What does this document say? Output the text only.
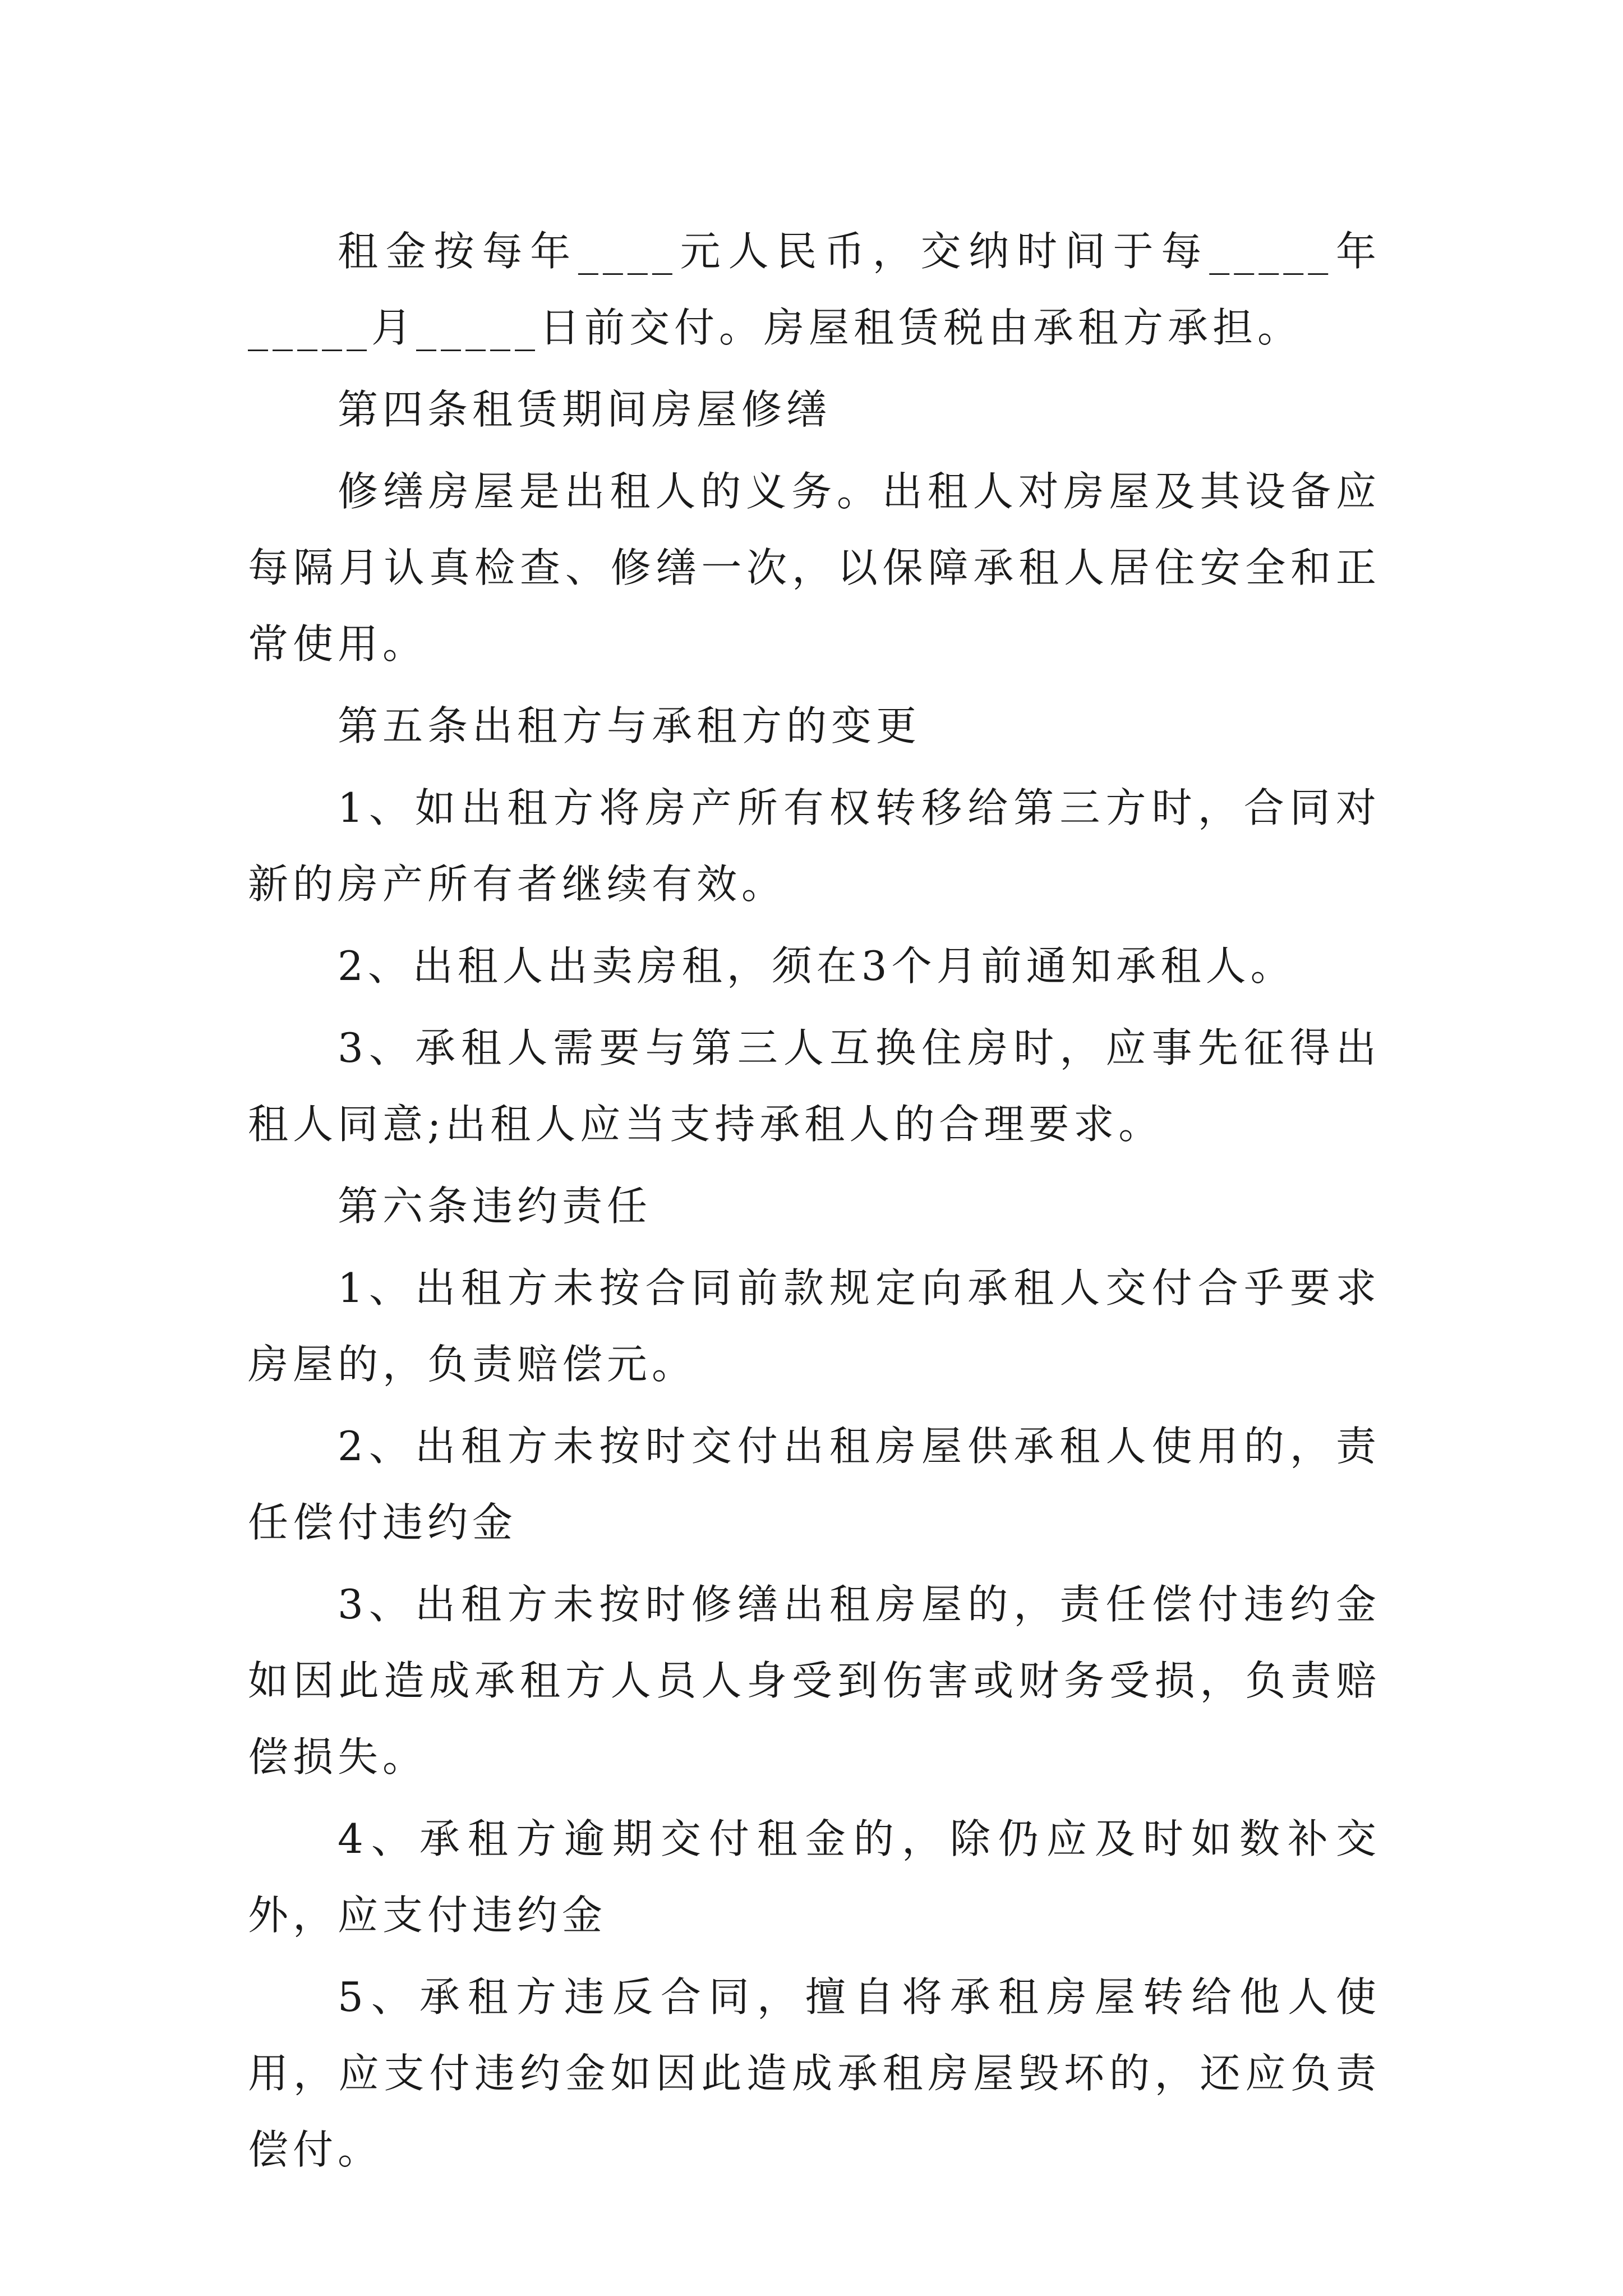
租金按每年____元人民币，交纳时间于每_____年_____月_____日前交付。房屋租赁税由承租方承担。

第四条租赁期间房屋修缮

修缮房屋是出租人的义务。出租人对房屋及其设备应每隔月认真检查、修缮一次，以保障承租人居住安全和正常使用。

第五条出租方与承租方的变更

1、如出租方将房产所有权转移给第三方时，合同对新的房产所有者继续有效。

2、出租人出卖房租，须在3个月前通知承租人。

3、承租人需要与第三人互换住房时，应事先征得出租人同意;出租人应当支持承租人的合理要求。

第六条违约责任

1、出租方未按合同前款规定向承租人交付合乎要求房屋的，负责赔偿元。

2、出租方未按时交付出租房屋供承租人使用的，责任偿付违约金

3、出租方未按时修缮出租房屋的，责任偿付违约金如因此造成承租方人员人身受到伤害或财务受损，负责赔偿损失。

4、承租方逾期交付租金的，除仍应及时如数补交外，应支付违约金

5、承租方违反合同，擅自将承租房屋转给他人使用，应支付违约金如因此造成承租房屋毁坏的，还应负责偿付。
